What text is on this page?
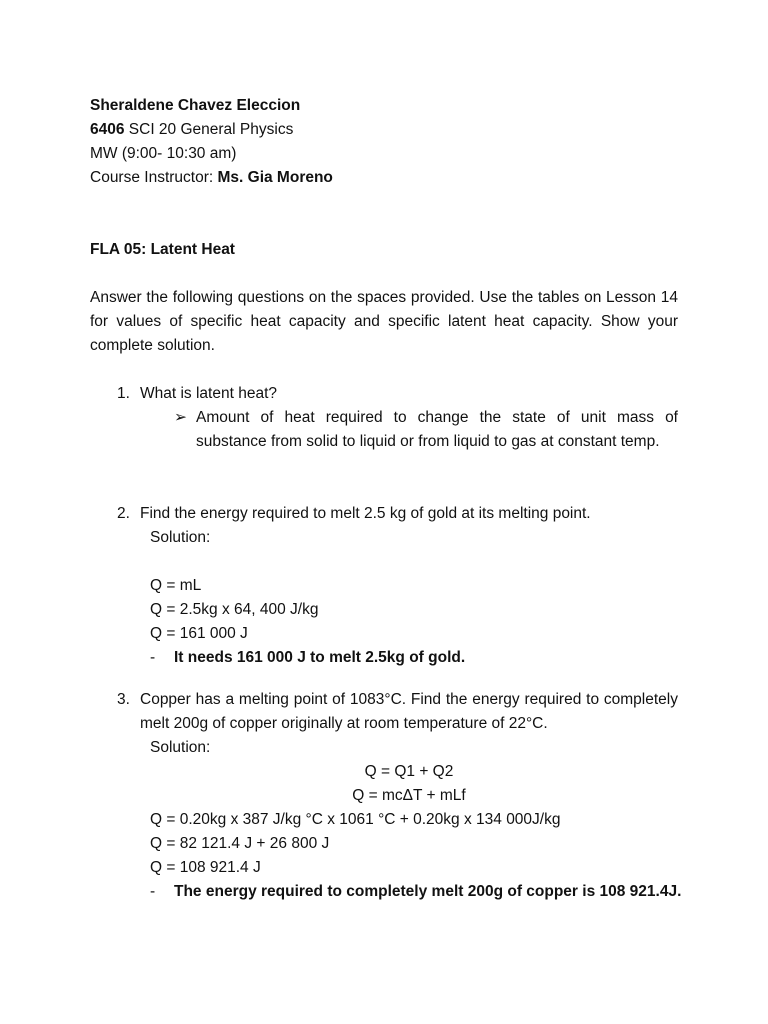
Sheraldene Chavez Eleccion
6406 SCI 20 General Physics
MW (9:00- 10:30 am)
Course Instructor: Ms. Gia Moreno
FLA 05: Latent Heat
Answer the following questions on the spaces provided. Use the tables on Lesson 14 for values of specific heat capacity and specific latent heat capacity. Show your complete solution.
1. What is latent heat?
➢ Amount of heat required to change the state of unit mass of substance from solid to liquid or from liquid to gas at constant temp.
2. Find the energy required to melt 2.5 kg of gold at its melting point.
Solution:
Q = mL
Q = 2.5kg x 64, 400 J/kg
Q = 161 000 J
- It needs 161 000 J to melt 2.5kg of gold.
3. Copper has a melting point of 1083°C. Find the energy required to completely melt 200g of copper originally at room temperature of 22°C.
Solution:
Q = Q1 + Q2
Q = mcΔT + mLf
Q = 0.20kg x 387 J/kg °C x 1061 °C + 0.20kg x 134 000J/kg
Q = 82 121.4 J + 26 800 J
Q = 108 921.4 J
- The energy required to completely melt 200g of copper is 108 921.4J.
